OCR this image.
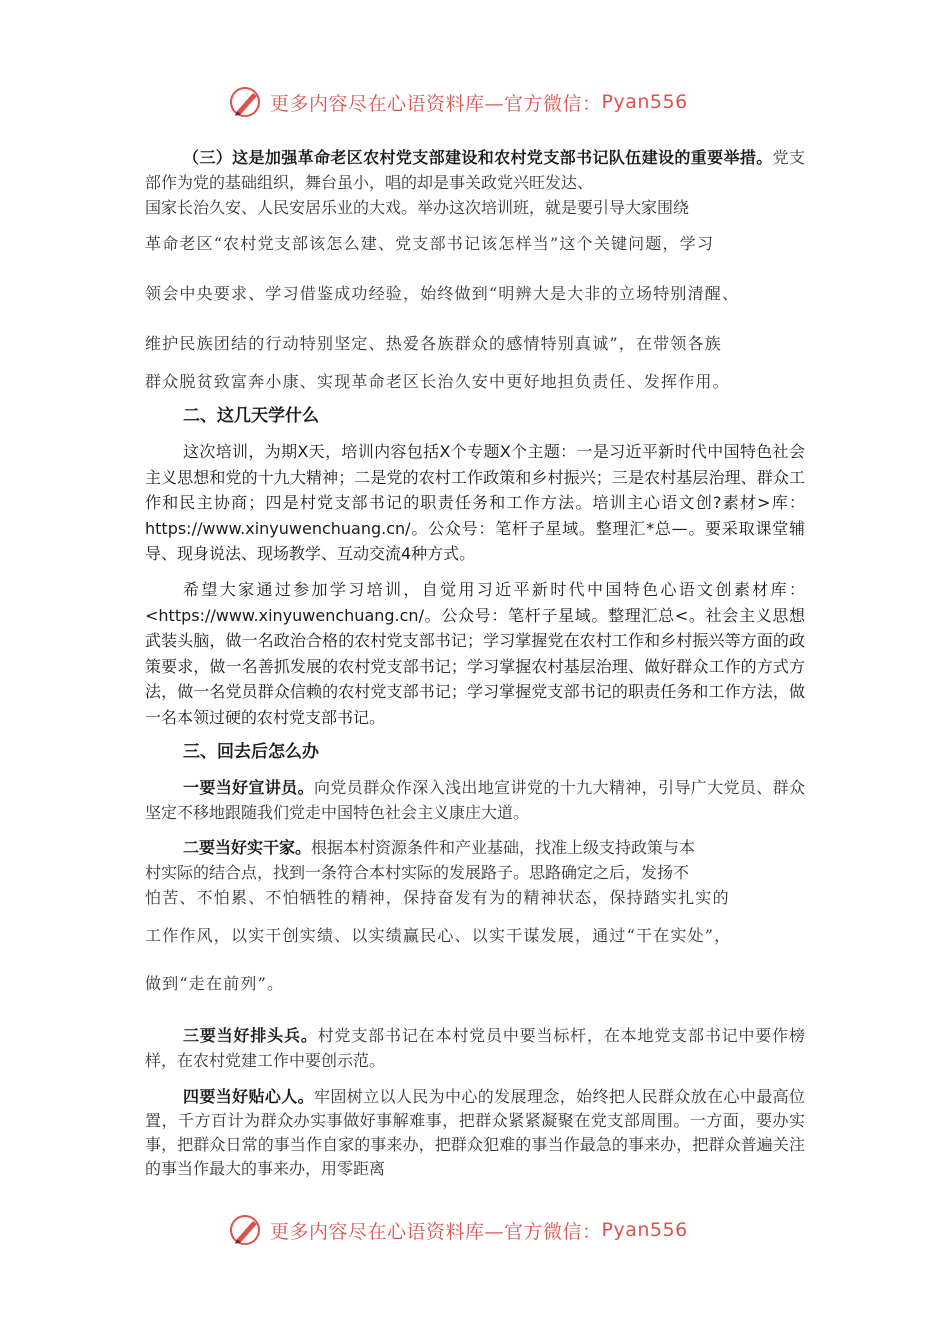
更多内容尽在心语资料库—官方微信： Pyan556
（三）这是加强革命老区农村党支部建设和农村党支部书记队伍建设的重要举措。党支部作为党的基础组织，舞台虽小，唱的却是事关政党兴旺发达、
国家长治久安、人民安居乐业的大戏。举办这次培训班，就是要引导大家围绕
革命老区“农村党支部该怎么建、党支部书记该怎样当”这个关键问题，学习
领会中央要求、学习借鉴成功经验，始终做到“明辨大是大非的立场特别清醒、
维护民族团结的行动特别坚定、热爱各族群众的感情特别真诚”，在带领各族
群众脱贫致富奔小康、实现革命老区长治久安中更好地担负责任、发挥作用。
二、这几天学什么
这次培训，为期X天，培训内容包括X个专题X个主题：一是习近平新时代中国特色社会主义思想和党的十九大精神；二是党的农村工作政策和乡村振兴；三是农村基层治理、群众工作和民主协商；四是村党支部书记的职责任务和工作方法。培训主心语文创?素材>库：https://www.xinyuwenchuang.cn/。公众号：笔杆子星域。整理汇*总—。要采取课堂辅导、现身说法、现场教学、互动交流4种方式。
希望大家通过参加学习培训，自觉用习近平新时代中国特色心语文创素材库：<https://www.xinyuwenchuang.cn/。公众号：笔杆子星域。整理汇总<。社会主义思想武装头脑，做一名政治合格的农村党支部书记；学习掌握党在农村工作和乡村振兴等方面的政策要求，做一名善抓发展的农村党支部书记；学习掌握农村基层治理、做好群众工作的方式方法，做一名党员群众信赖的农村党支部书记；学习掌握党支部书记的职责任务和工作方法，做一名本领过硬的农村党支部书记。
三、回去后怎么办
一要当好宣讲员。向党员群众作深入浅出地宣讲党的十九大精神，引导广大党员、群众坚定不移地跟随我们党走中国特色社会主义康庄大道。
二要当好实干家。根据本村资源条件和产业基础，找准上级支持政策与本
村实际的结合点，找到一条符合本村实际的发展路子。思路确定之后，发扬不
怕苦、不怕累、不怕牺牲的精神，保持奋发有为的精神状态，保持踏实扎实的
工作作风，以实干创实绩、以实绩赢民心、以实干谋发展，通过“干在实处”，
做到“走在前列”。
三要当好排头兵。村党支部书记在本村党员中要当标杆，在本地党支部书记中要作榜样，在农村党建工作中要创示范。
四要当好贴心人。牢固树立以人民为中心的发展理念，始终把人民群众放在心中最高位置，千方百计为群众办实事做好事解难事，把群众紧紧凝聚在党支部周围。一方面，要办实事，把群众日常的事当作自家的事来办，把群众犯难的事当作最急的事来办，把群众普遍关注的事当作最大的事来办，用零距离
更多内容尽在心语资料库—官方微信： Pyan556
